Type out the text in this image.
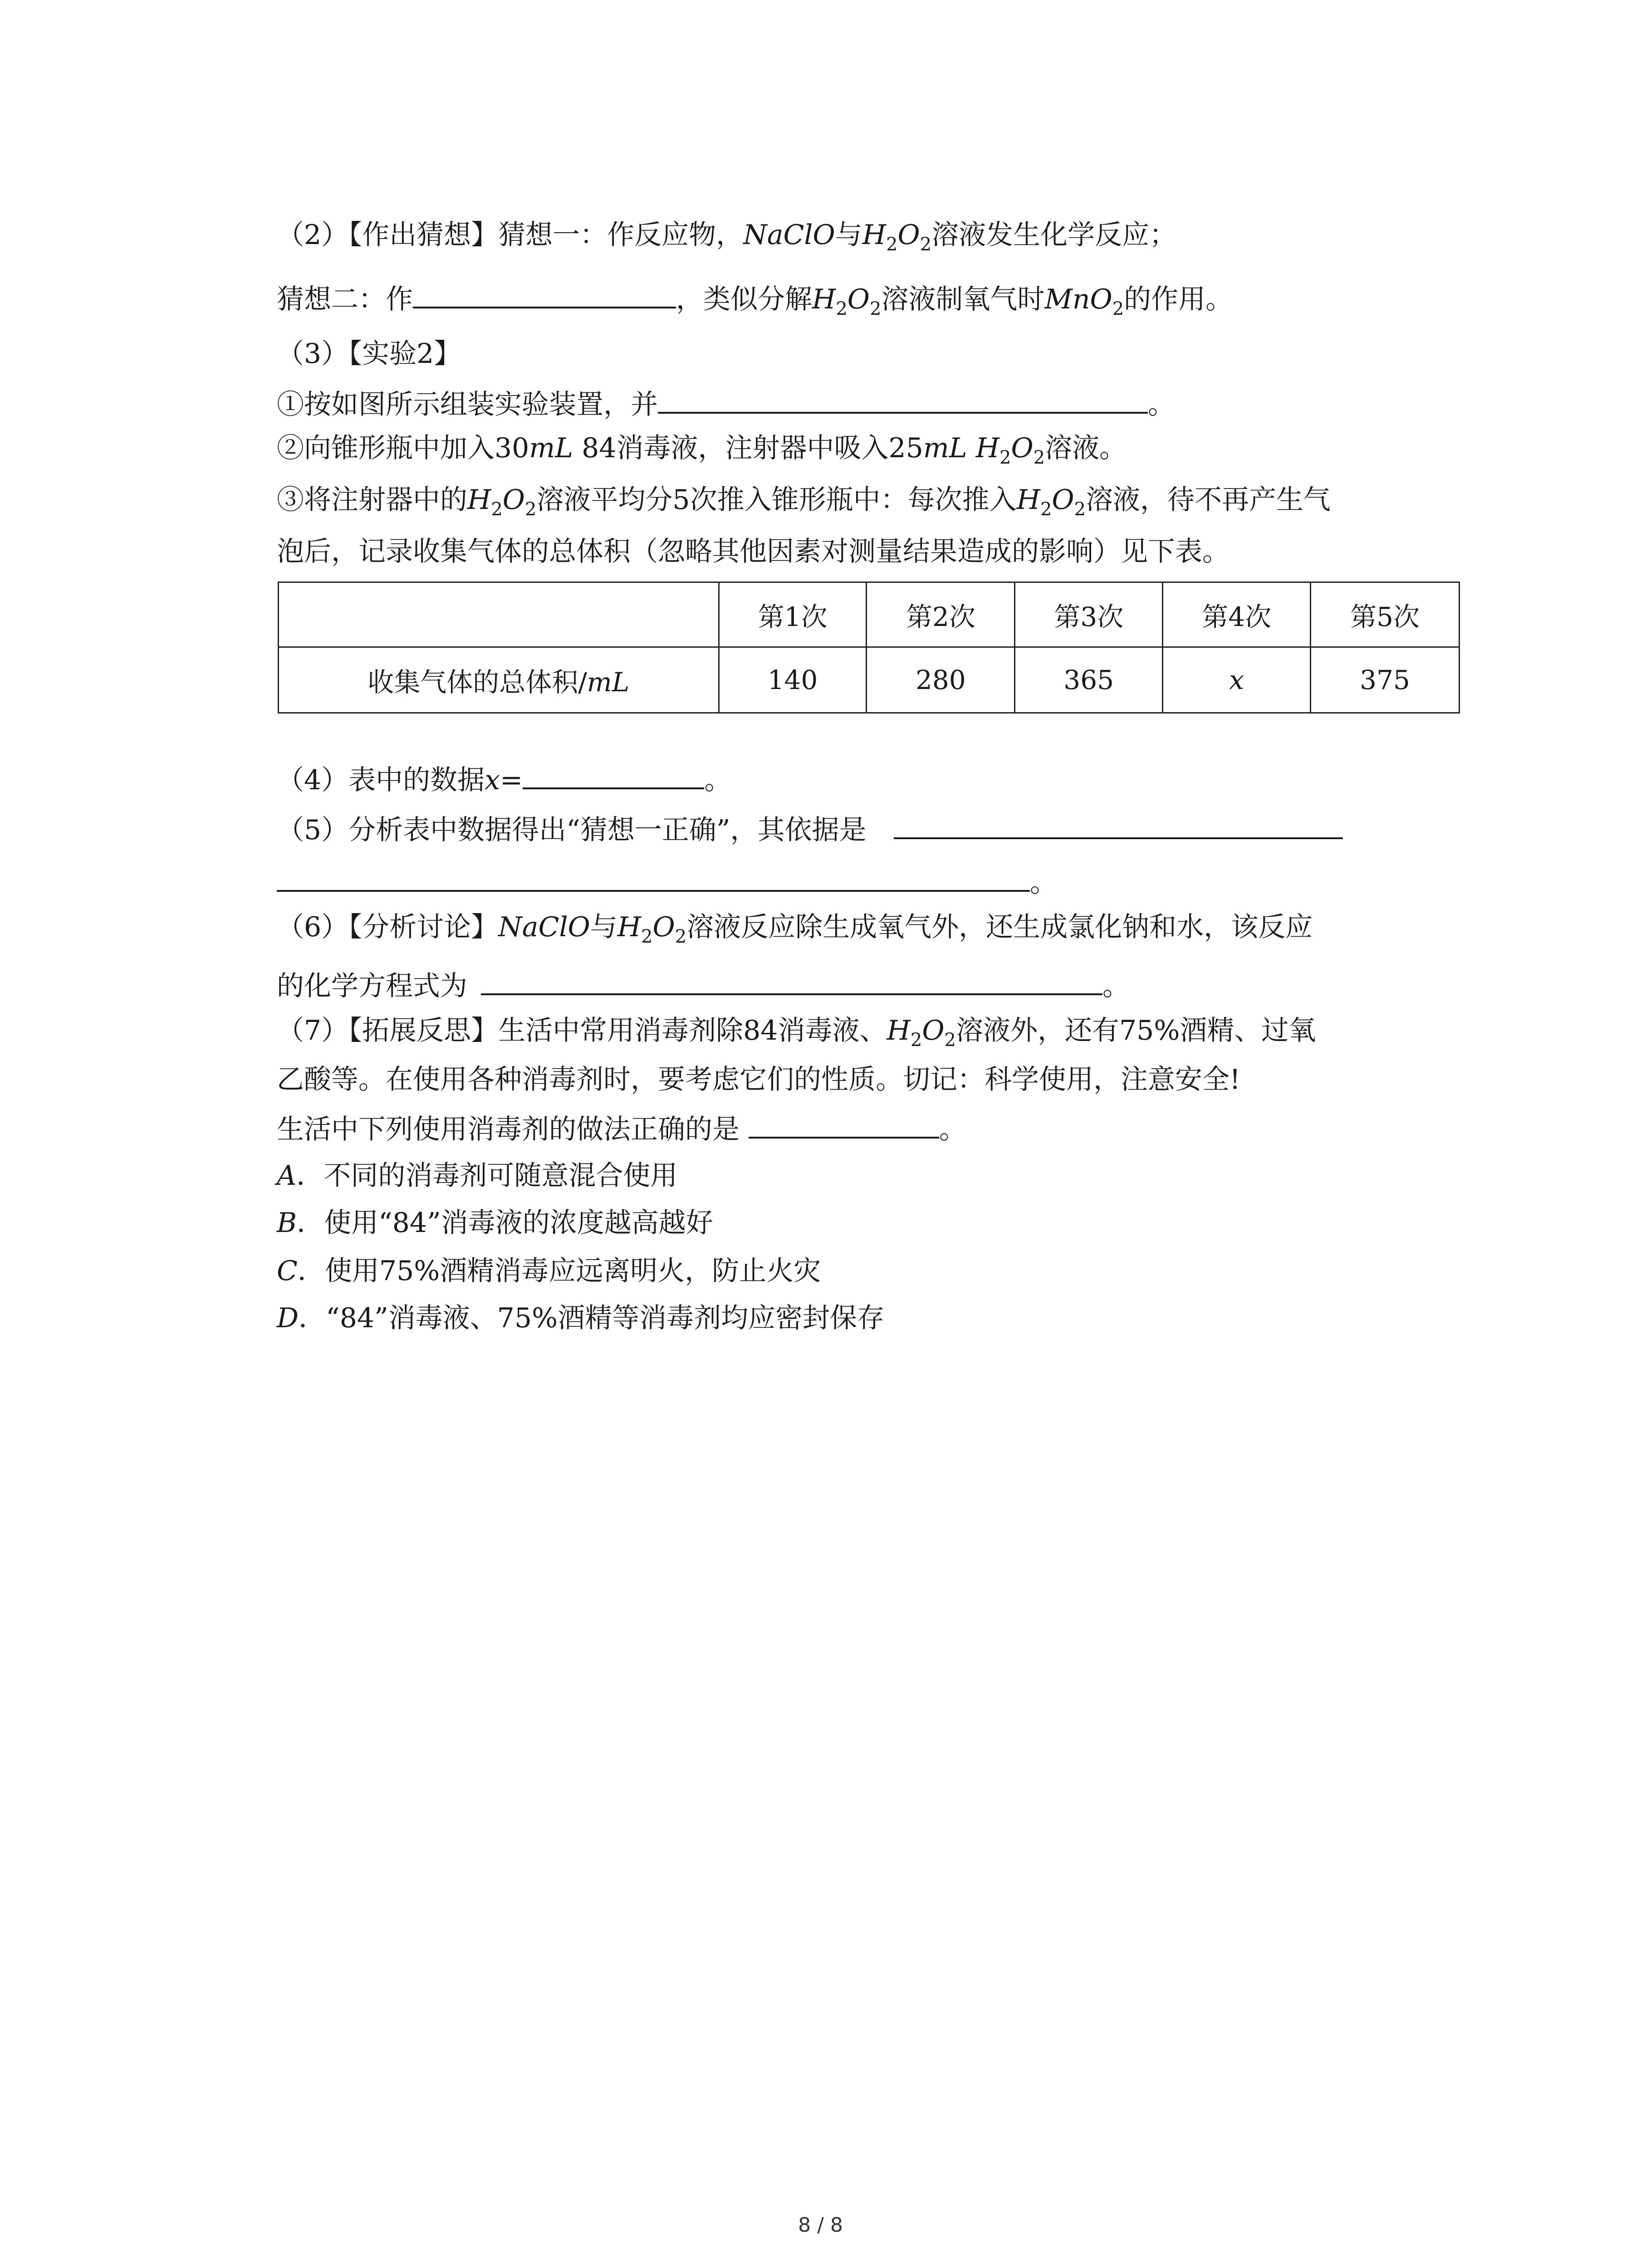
（2）【作出猜想】猜想一：作反应物，NaClO与$H_2O_2$溶液发生化学反应；
猜想二：作	，类似分解$H_2O_2$溶液制氧气时MnO$_2$的作用。
（3）【实验2】
①按如图所示组装实验装置，并	。
②向锥形瓶中加入30mL 84消毒液，注射器中吸入25mL $H_2O_2$溶液。
③将注射器中的$H_2O_2$溶液平均分5次推入锥形瓶中：每次推入$H_2O_2$溶液，待不再产生气
泡后，记录收集气体的总体积（忽略其他因素对测量结果造成的影响）见下表。
	第1次	第2次	第3次	第4次	第5次
收集气体的总体积/mL	140	280	365	x	375
（4）表中的数据x=	。
（5）分析表中数据得出“猜想一正确”，其依据是
。
（6）【分析讨论】NaClO与$H_2O_2$溶液反应除生成氧气外，还生成氯化钠和水，该反应
的化学方程式为	。
（7）【拓展反思】生活中常用消毒剂除84消毒液、$H_2O_2$溶液外，还有75%酒精、过氧
乙酸等。在使用各种消毒剂时，要考虑它们的性质。切记：科学使用，注意安全!
生活中下列使用消毒剂的做法正确的是	。
A．不同的消毒剂可随意混合使用
B．使用“84”消毒液的浓度越高越好
C．使用75%酒精消毒应远离明火，防止火灾
D．“84”消毒液、75%酒精等消毒剂均应密封保存
8 / 8
